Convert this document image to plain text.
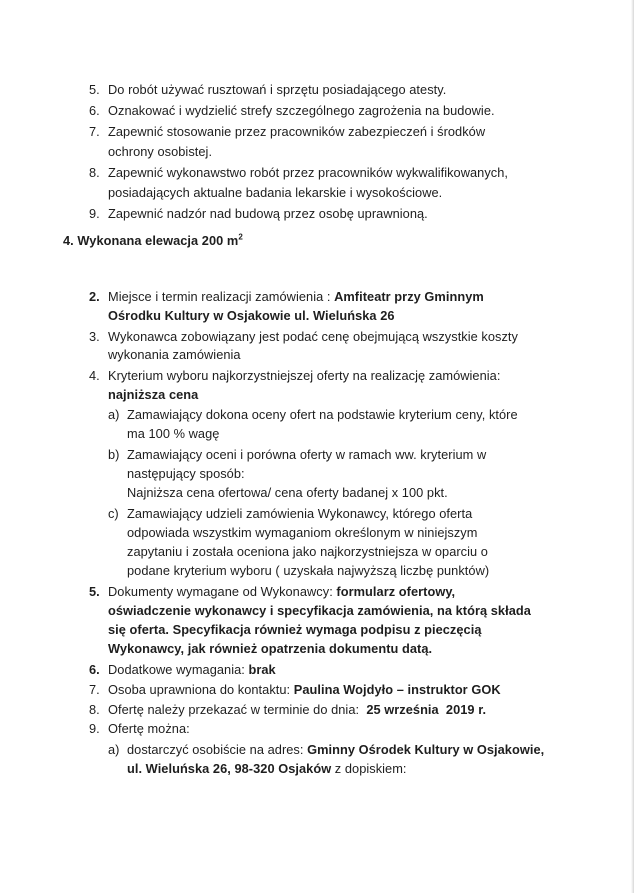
5. Do robót używać rusztowań i sprzętu posiadającego atesty.
6. Oznakować i wydzielić strefy szczególnego zagrożenia na budowie.
7. Zapewnić stosowanie przez pracowników zabezpieczeń i środków
ochrony osobistej.
8. Zapewnić wykonawstwo robót przez pracowników wykwalifikowanych,
posiadających aktualne badania lekarskie i wysokościowe.
9. Zapewnić nadzór nad budową przez osobę uprawnioną.
4. Wykonana elewacja 200 $m^2$
2. Miejsce i termin realizacji zamówienia : Amfiteatr przy Gminnym
Ośrodku Kultury w Osjakowie ul. Wieluńska 26
3. Wykonawca zobowiązany jest podać cenę obejmującą wszystkie koszty
wykonania zamówienia
4. Kryterium wyboru najkorzystniejszej oferty na realizację zamówienia:
najniższa cena
a) Zamawiający dokona oceny ofert na podstawie kryterium ceny, które
ma 100 % wagę
b) Zamawiający oceni i porówna oferty w ramach ww. kryterium w
następujący sposób:
Najniższa cena ofertowa/ cena oferty badanej x 100 pkt.
c) Zamawiający udzieli zamówienia Wykonawcy, którego oferta
odpowiada wszystkim wymaganiom określonym w niniejszym
zapytaniu i została oceniona jako najkorzystniejsza w oparciu o
podane kryterium wyboru ( uzyskała najwyższą liczbę punktów)
5. Dokumenty wymagane od Wykonawcy: formularz ofertowy,
oświadczenie wykonawcy i specyfikacja zamówienia, na którą składa
się oferta. Specyfikacja również wymaga podpisu z pieczęcią
Wykonawcy, jak również opatrzenia dokumentu datą.
6. Dodatkowe wymagania: brak
7. Osoba uprawniona do kontaktu: Paulina Wojdyło – instruktor GOK
8. Ofertę należy przekazać w terminie do dnia:  25 września  2019 r.
9. Ofertę można:
a) dostarczyć osobiście na adres: Gminny Ośrodek Kultury w Osjakowie,
ul. Wieluńska 26, 98-320 Osjaków z dopiskiem:
